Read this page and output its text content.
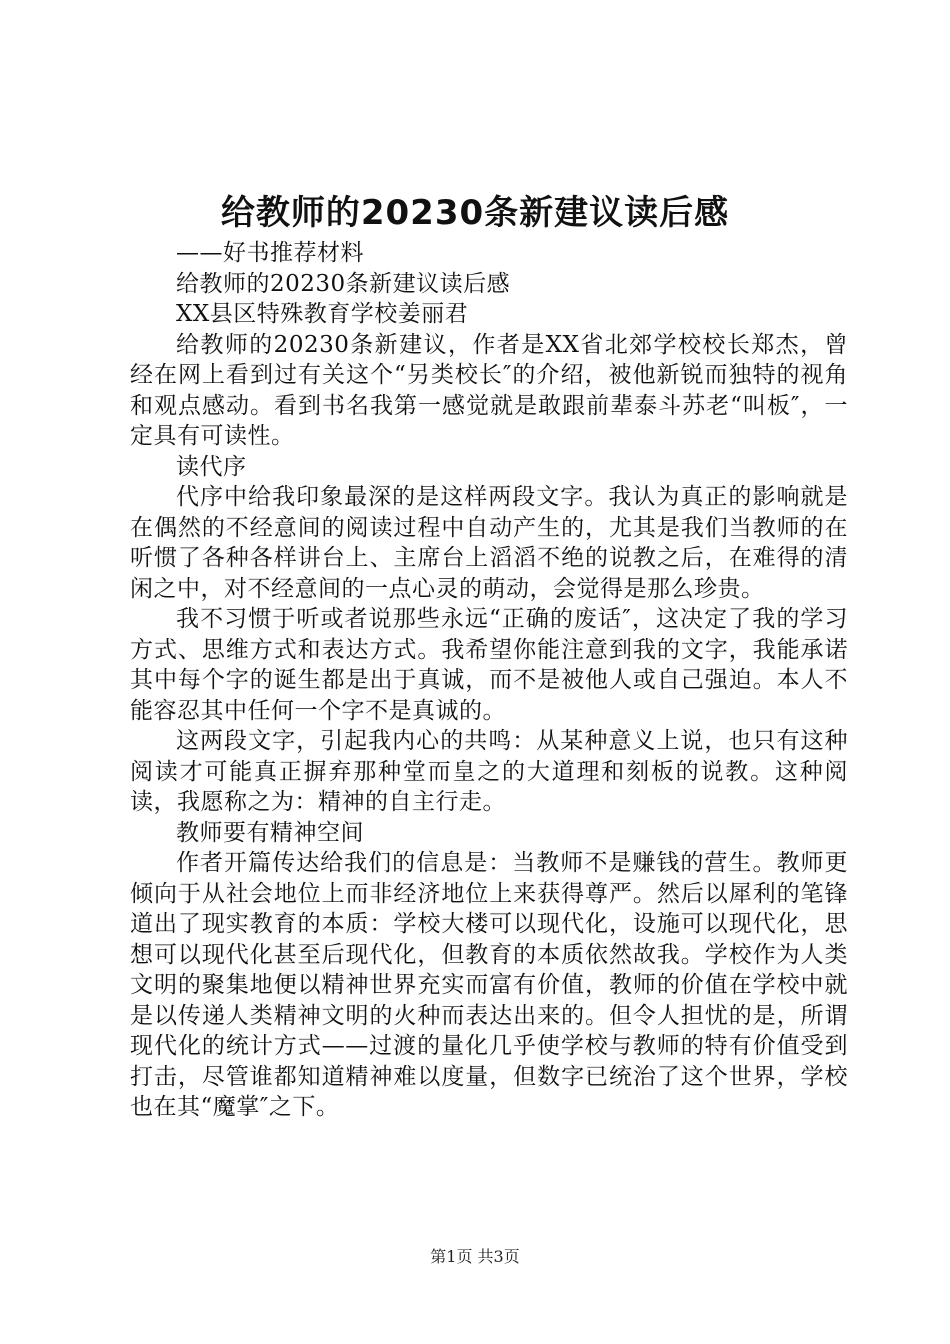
给教师的20230条新建议读后感

——好书推荐材料

给教师的20230条新建议读后感

XX县区特殊教育学校姜丽君

给教师的20230条新建议，作者是XX省北郊学校校长郑杰，曾经在网上看到过有关这个“另类校长″的介绍，被他新锐而独特的视角和观点感动。看到书名我第一感觉就是敢跟前辈泰斗苏老“叫板″，一定具有可读性。

读代序

代序中给我印象最深的是这样两段文字。我认为真正的影响就是在偶然的不经意间的阅读过程中自动产生的，尤其是我们当教师的在听惯了各种各样讲台上、主席台上滔滔不绝的说教之后，在难得的清闲之中，对不经意间的一点心灵的萌动，会觉得是那么珍贵。

我不习惯于听或者说那些永远“正确的废话″，这决定了我的学习方式、思维方式和表达方式。我希望你能注意到我的文字，我能承诺其中每个字的诞生都是出于真诚，而不是被他人或自己强迫。本人不能容忍其中任何一个字不是真诚的。

这两段文字，引起我内心的共鸣：从某种意义上说，也只有这种阅读才可能真正摒弃那种堂而皇之的大道理和刻板的说教。这种阅读，我愿称之为：精神的自主行走。

教师要有精神空间

作者开篇传达给我们的信息是：当教师不是赚钱的营生。教师更倾向于从社会地位上而非经济地位上来获得尊严。然后以犀利的笔锋道出了现实教育的本质：学校大楼可以现代化，设施可以现代化，思想可以现代化甚至后现代化，但教育的本质依然故我。学校作为人类文明的聚集地便以精神世界充实而富有价值，教师的价值在学校中就是以传递人类精神文明的火种而表达出来的。但令人担忧的是，所谓现代化的统计方式——过渡的量化几乎使学校与教师的特有价值受到打击，尽管谁都知道精神难以度量，但数字已统治了这个世界，学校也在其“魔掌″之下。

第1页 共3页
